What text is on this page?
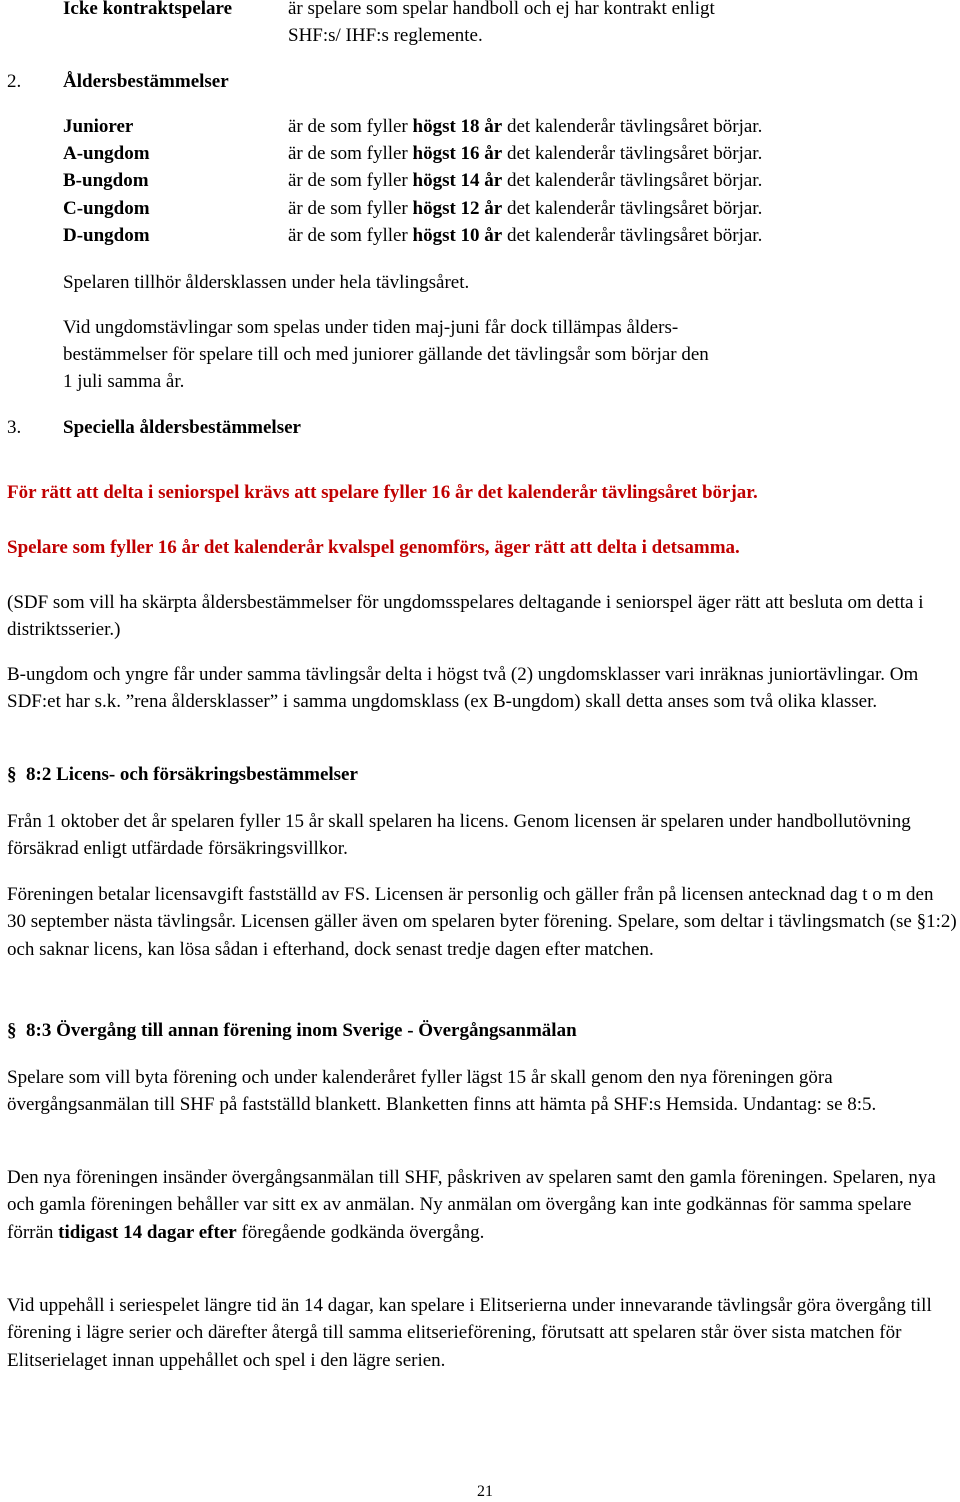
Icke kontraktspelare	är spelare som spelar handboll och ej har kontrakt enligt
SHF:s/ IHF:s reglemente.
2. Åldersbestämmelser
Juniorer	är de som fyller högst 18 år det kalenderår tävlingsåret börjar.
A-ungdom	är de som fyller högst 16 år det kalenderår tävlingsåret börjar.
B-ungdom	är de som fyller högst 14 år det kalenderår tävlingsåret börjar.
C-ungdom	är de som fyller högst 12 år det kalenderår tävlingsåret börjar.
D-ungdom	är de som fyller högst 10 år det kalenderår tävlingsåret börjar.
Spelaren tillhör åldersklassen under hela tävlingsåret.
Vid ungdomstävlingar som spelas under tiden maj-juni får dock tillämpas ålders-
bestämmelser för spelare till och med juniorer gällande det tävlingsår som börjar den
1 juli samma år.
3. Speciella åldersbestämmelser
För rätt att delta i seniorspel krävs att spelare fyller 16 år det kalenderår tävlingsåret börjar.
Spelare som fyller 16 år det kalenderår kvalspel genomförs, äger rätt att delta i detsamma.
(SDF som vill ha skärpta åldersbestämmelser för ungdomsspelares deltagande i seniorspel äger rätt att besluta om detta i distriktsserier.)
B-ungdom och yngre får under samma tävlingsår delta i högst två (2) ungdomsklasser vari inräknas juniortävlingar. Om SDF:et har s.k. ”rena åldersklasser” i samma ungdomsklass (ex B-ungdom) skall detta anses som två olika klasser.
§ 8:2 Licens- och försäkringsbestämmelser
Från 1 oktober det år spelaren fyller 15 år skall spelaren ha licens. Genom licensen är spelaren under handbollutövning försäkrad enligt utfärdade försäkringsvillkor.
Föreningen betalar licensavgift fastställd av FS. Licensen är personlig och gäller från på licensen antecknad dag t o m den 30 september nästa tävlingsår. Licensen gäller även om spelaren byter förening. Spelare, som deltar i tävlingsmatch (se §1:2) och saknar licens, kan lösa sådan i efterhand, dock senast tredje dagen efter matchen.
§ 8:3 Övergång till annan förening inom Sverige - Övergångsanmälan
Spelare som vill byta förening och under kalenderåret fyller lägst 15 år skall genom den nya föreningen göra övergångsanmälan till SHF på fastställd blankett. Blanketten finns att hämta på SHF:s Hemsida. Undantag: se 8:5.
Den nya föreningen insänder övergångsanmälan till SHF, påskriven av spelaren samt den gamla föreningen. Spelaren, nya och gamla föreningen behåller var sitt ex av anmälan. Ny anmälan om övergång kan inte godkännas för samma spelare förrän tidigast 14 dagar efter föregående godkända övergång.
Vid uppehåll i seriespelet längre tid än 14 dagar, kan spelare i Elitserierna under innevarande tävlingsår göra övergång till förening i lägre serier och därefter återgå till samma elitserieförening, förutsatt att spelaren står över sista matchen för Elitserielaget innan uppehållet och spel i den lägre serien.
21
